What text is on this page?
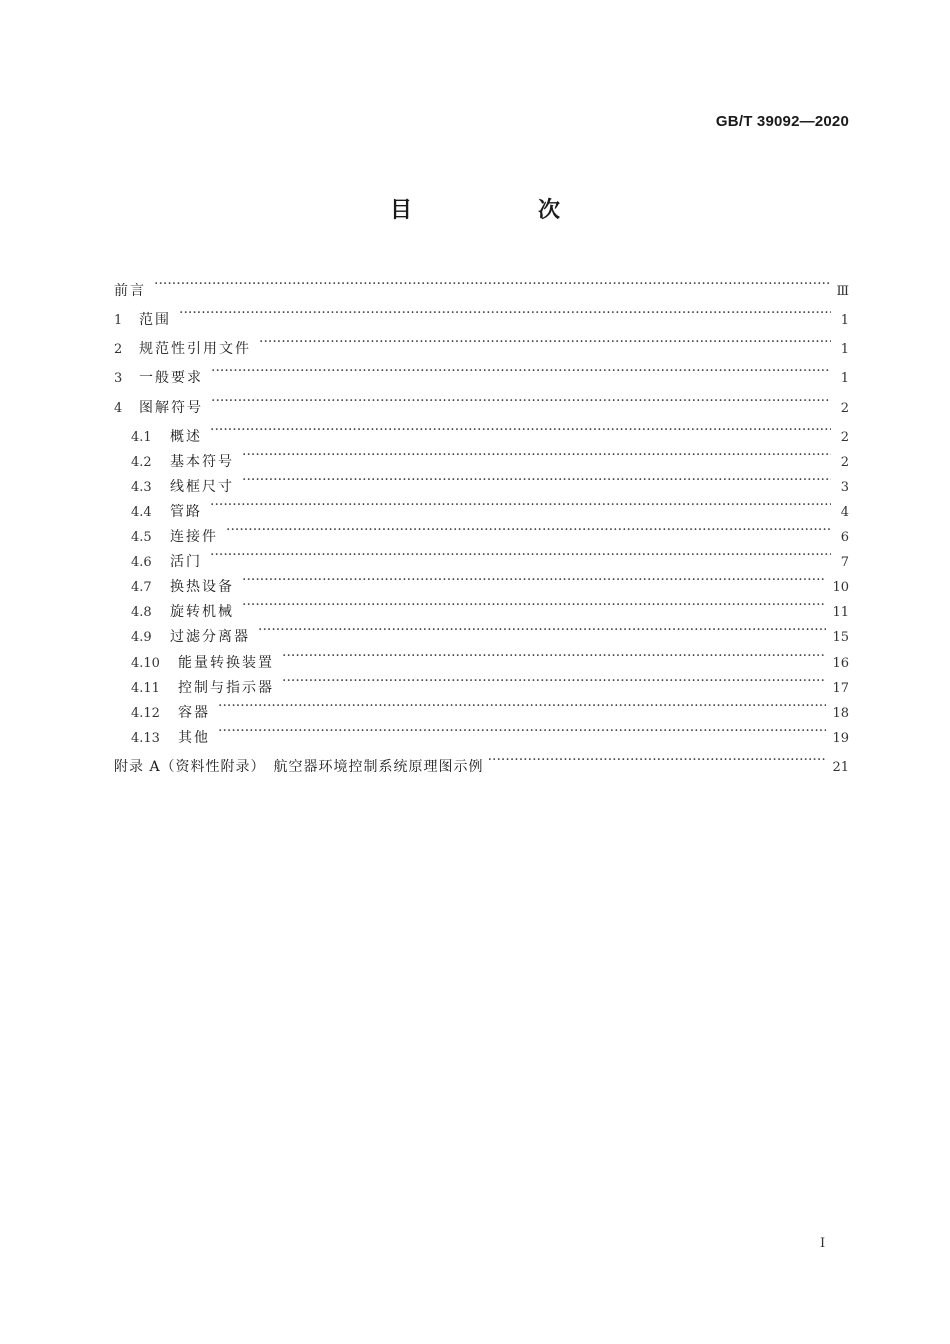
GB/T 39092—2020
目　次
前言 ·····	Ⅲ
1	范围 ·····	1
2	规范性引用文件 ·····	1
3	一般要求 ·····	1
4	图解符号 ·····	2
4.1	概述 ·····	2
4.2	基本符号 ·····	2
4.3	线框尺寸 ·····	3
4.4	管路 ·····	4
4.5	连接件 ·····	6
4.6	活门 ·····	7
4.7	换热设备 ·····	10
4.8	旋转机械 ·····	11
4.9	过滤分离器 ·····	15
4.10	能量转换装置 ·····	16
4.11	控制与指示器 ·····	17
4.12	容器 ·····	18
4.13	其他 ·····	19
附录 A（资料性附录）　航空器环境控制系统原理图示例 ·····	21
I
